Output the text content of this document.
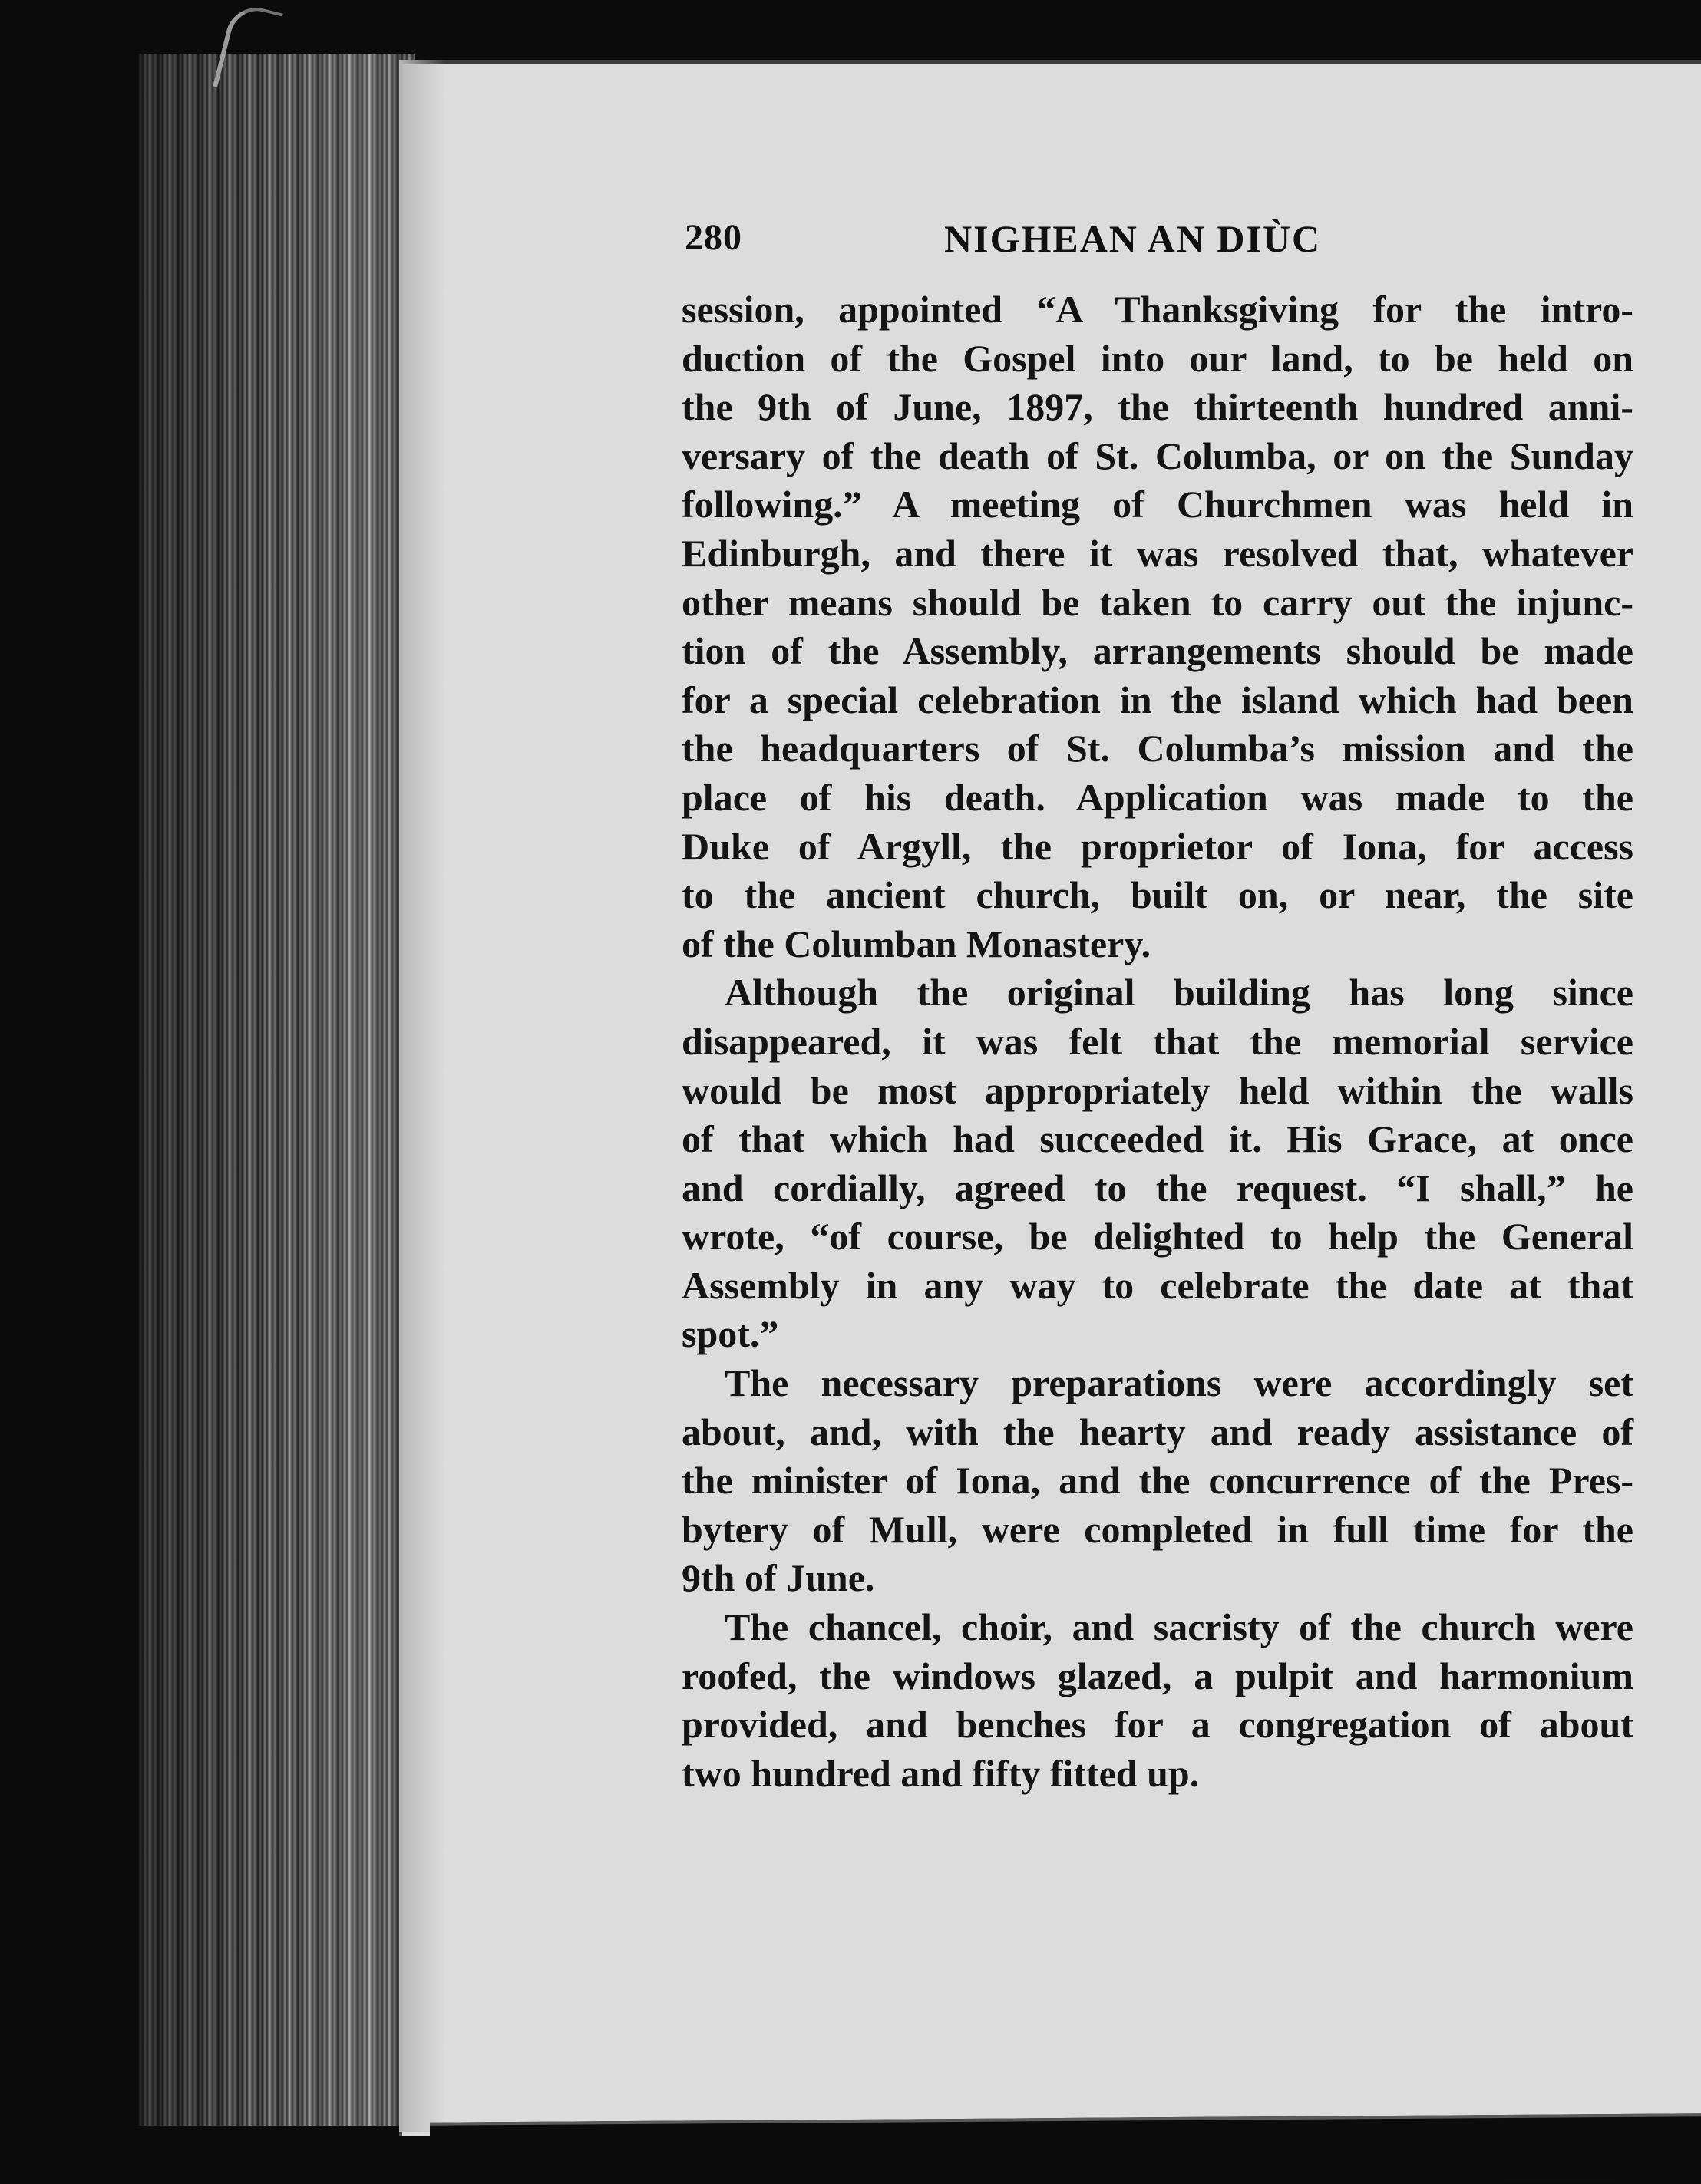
280	NIGHEAN AN DIÙC
session, appointed “A Thanksgiving for the intro-
duction of the Gospel into our land, to be held on
the 9th of June, 1897, the thirteenth hundred anni-
versary of the death of St. Columba, or on the Sunday
following.” A meeting of Churchmen was held in
Edinburgh, and there it was resolved that, whatever
other means should be taken to carry out the injunc-
tion of the Assembly, arrangements should be made
for a special celebration in the island which had been
the headquarters of St. Columba’s mission and the
place of his death. Application was made to the
Duke of Argyll, the proprietor of Iona, for access
to the ancient church, built on, or near, the site
of the Columban Monastery.
Although the original building has long since
disappeared, it was felt that the memorial service
would be most appropriately held within the walls
of that which had succeeded it. His Grace, at once
and cordially, agreed to the request. “I shall,” he
wrote, “of course, be delighted to help the General
Assembly in any way to celebrate the date at that
spot.”
The necessary preparations were accordingly set
about, and, with the hearty and ready assistance of
the minister of Iona, and the concurrence of the Pres-
bytery of Mull, were completed in full time for the
9th of June.
The chancel, choir, and sacristy of the church were
roofed, the windows glazed, a pulpit and harmonium
provided, and benches for a congregation of about
two hundred and fifty fitted up.
